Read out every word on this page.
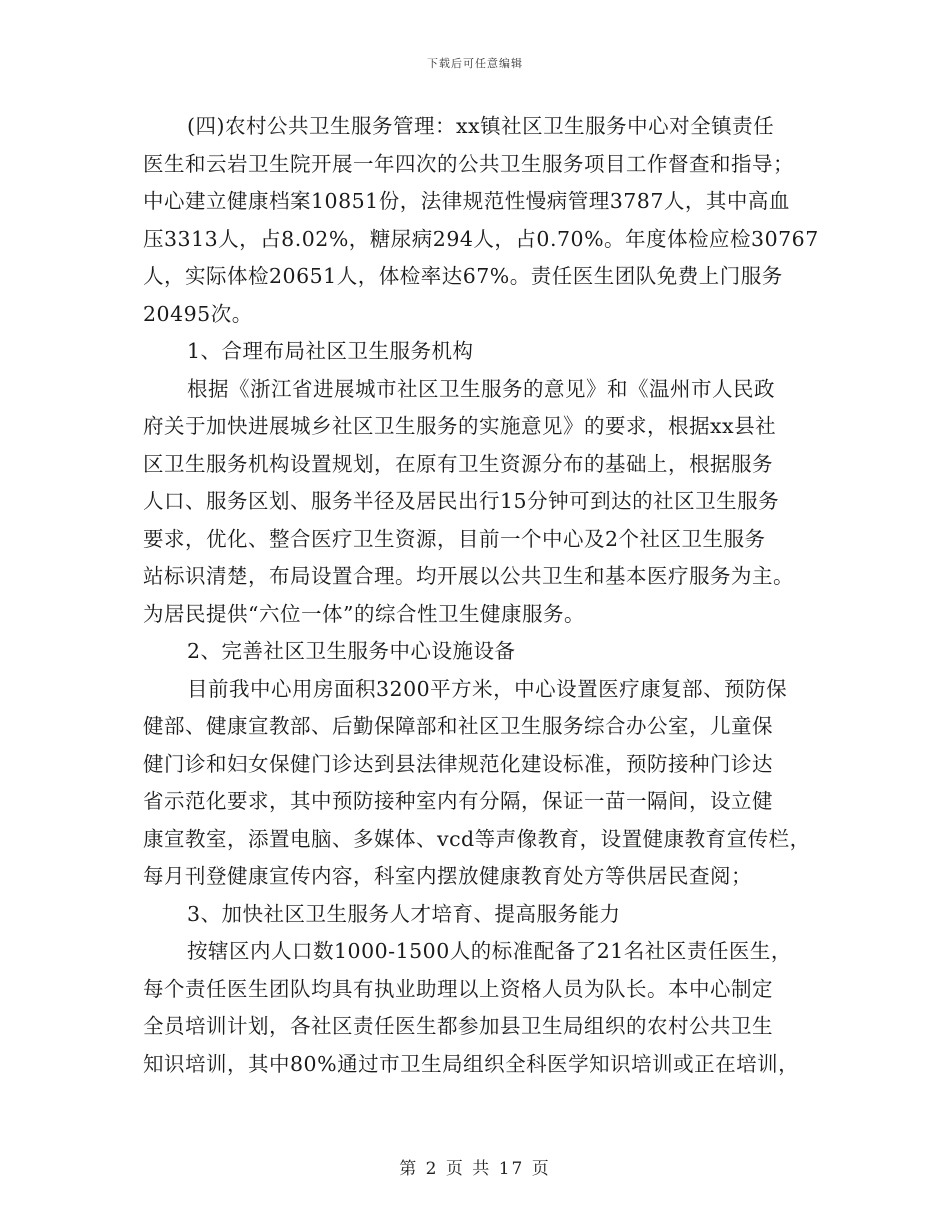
下载后可任意编辑
(四)农村公共卫生服务管理：xx镇社区卫生服务中心对全镇责任
医生和云岩卫生院开展一年四次的公共卫生服务项目工作督查和指导；
中心建立健康档案10851份，法律规范性慢病管理3787人，其中高血
压3313人，占8.02%，糖尿病294人，占0.70%。年度体检应检30767
人，实际体检20651人，体检率达67%。责任医生团队免费上门服务
20495次。
1、合理布局社区卫生服务机构
根据《浙江省进展城市社区卫生服务的意见》和《温州市人民政
府关于加快进展城乡社区卫生服务的实施意见》的要求，根据xx县社
区卫生服务机构设置规划，在原有卫生资源分布的基础上，根据服务
人口、服务区划、服务半径及居民出行15分钟可到达的社区卫生服务
要求，优化、整合医疗卫生资源，目前一个中心及2个社区卫生服务
站标识清楚，布局设置合理。均开展以公共卫生和基本医疗服务为主。
为居民提供“六位一体”的综合性卫生健康服务。
2、完善社区卫生服务中心设施设备
目前我中心用房面积3200平方米，中心设置医疗康复部、预防保
健部、健康宣教部、后勤保障部和社区卫生服务综合办公室，儿童保
健门诊和妇女保健门诊达到县法律规范化建设标准，预防接种门诊达
省示范化要求，其中预防接种室内有分隔，保证一苗一隔间，设立健
康宣教室，添置电脑、多媒体、vcd等声像教育，设置健康教育宣传栏，
每月刊登健康宣传内容，科室内摆放健康教育处方等供居民查阅；
3、加快社区卫生服务人才培育、提高服务能力
按辖区内人口数1000-1500人的标准配备了21名社区责任医生，
每个责任医生团队均具有执业助理以上资格人员为队长。本中心制定
全员培训计划，各社区责任医生都参加县卫生局组织的农村公共卫生
知识培训，其中80%通过市卫生局组织全科医学知识培训或正在培训，
第 2 页 共 17 页
